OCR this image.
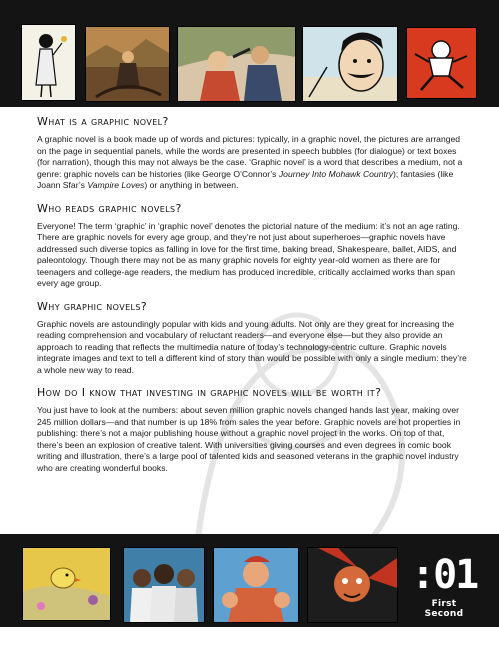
What is a graphic novel?

A graphic novel is a book made up of words and pictures: typically, in a graphic novel, the pictures are arranged on the page in sequential panels, while the words are presented in speech bubbles (for dialogue) or text boxes (for narration), though this may not always be the case. ‘Graphic novel’ is a word that describes a medium, not a genre: graphic novels can be histories (like George O’Connor’s Journey Into Mohawk Country); fantasies (like Joann Sfar’s Vampire Loves) or anything in between.

Who reads graphic novels?

Everyone! The term ‘graphic’ in ‘graphic novel’ denotes the pictorial nature of the medium: it’s not an age rating. There are graphic novels for every age group, and they’re not just about superheroes—graphic novels have addressed such diverse topics as falling in love for the first time, baking bread, Shakespeare, ballet, AIDS, and paleontology. Though there may not be as many graphic novels for eighty year-old women as there are for teenagers and college-age readers, the medium has produced incredible, critically acclaimed works than span every age group.

Why graphic novels?

Graphic novels are astoundingly popular with kids and young adults. Not only are they great for increasing the reading comprehension and vocabulary of reluctant readers—and everyone else—but they also provide an approach to reading that reflects the multimedia nature of today’s technology-centric culture. Graphic novels integrate images and text to tell a different kind of story than would be possible with only a single medium: they’re a whole new way to read.

How do I know that investing in graphic novels will be worth it?

You just have to look at the numbers: about seven million graphic novels changed hands last year, making over 245 million dollars—and that number is up 18% from sales the year before. Graphic novels are hot properties in publishing: there’s not a major publishing house without a graphic novel project in the works. On top of that, there’s been an explosion of creative talent. With universities giving courses and even degrees in comic book writing and illustration, there’s a large pool of talented kids and seasoned veterans in the graphic novel industry who are creating wonderful books.

:01
First Second
